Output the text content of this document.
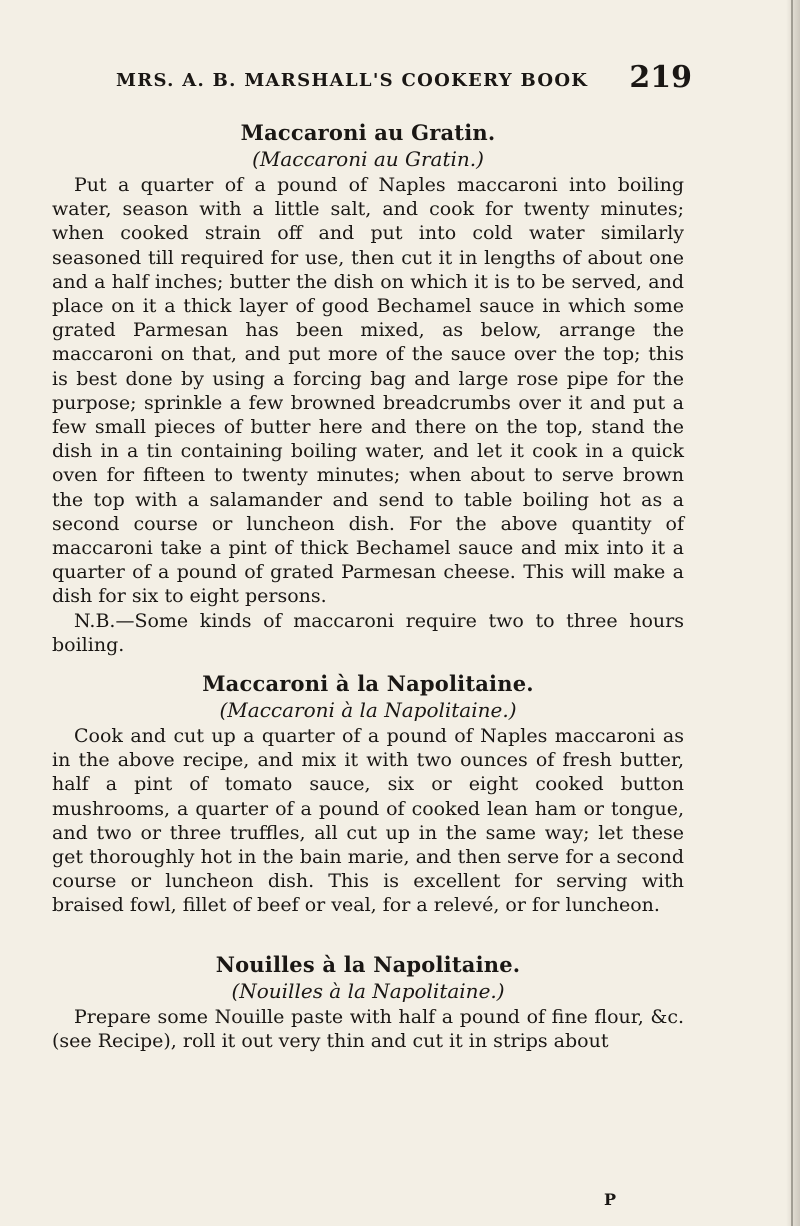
MRS. A. B. MARSHALL'S COOKERY BOOK 219
Maccaroni au Gratin.

(Maccaroni au Gratin.)

Put a quarter of a pound of Naples maccaroni into boiling water, season with a little salt, and cook for twenty minutes; when cooked strain off and put into cold water similarly seasoned till required for use, then cut it in lengths of about one and a half inches; butter the dish on which it is to be served, and place on it a thick layer of good Bechamel sauce in which some grated Parmesan has been mixed, as below, arrange the maccaroni on that, and put more of the sauce over the top; this is best done by using a forcing bag and large rose pipe for the purpose; sprinkle a few browned breadcrumbs over it and put a few small pieces of butter here and there on the top, stand the dish in a tin containing boiling water, and let it cook in a quick oven for fifteen to twenty minutes; when about to serve brown the top with a salamander and send to table boiling hot as a second course or luncheon dish. For the above quantity of maccaroni take a pint of thick Bechamel sauce and mix into it a quarter of a pound of grated Parmesan cheese. This will make a dish for six to eight persons.

N.B.—Some kinds of maccaroni require two to three hours boiling.

Maccaroni à la Napolitaine.

(Maccaroni à la Napolitaine.)

Cook and cut up a quarter of a pound of Naples maccaroni as in the above recipe, and mix it with two ounces of fresh butter, half a pint of tomato sauce, six or eight cooked button mushrooms, a quarter of a pound of cooked lean ham or tongue, and two or three truffles, all cut up in the same way; let these get thoroughly hot in the bain marie, and then serve for a second course or luncheon dish. This is excellent for serving with braised fowl, fillet of beef or veal, for a relevé, or for luncheon.

Nouilles à la Napolitaine.

(Nouilles à la Napolitaine.)

Prepare some Nouille paste with half a pound of fine flour, &c. (see Recipe), roll it out very thin and cut it in strips about

P
